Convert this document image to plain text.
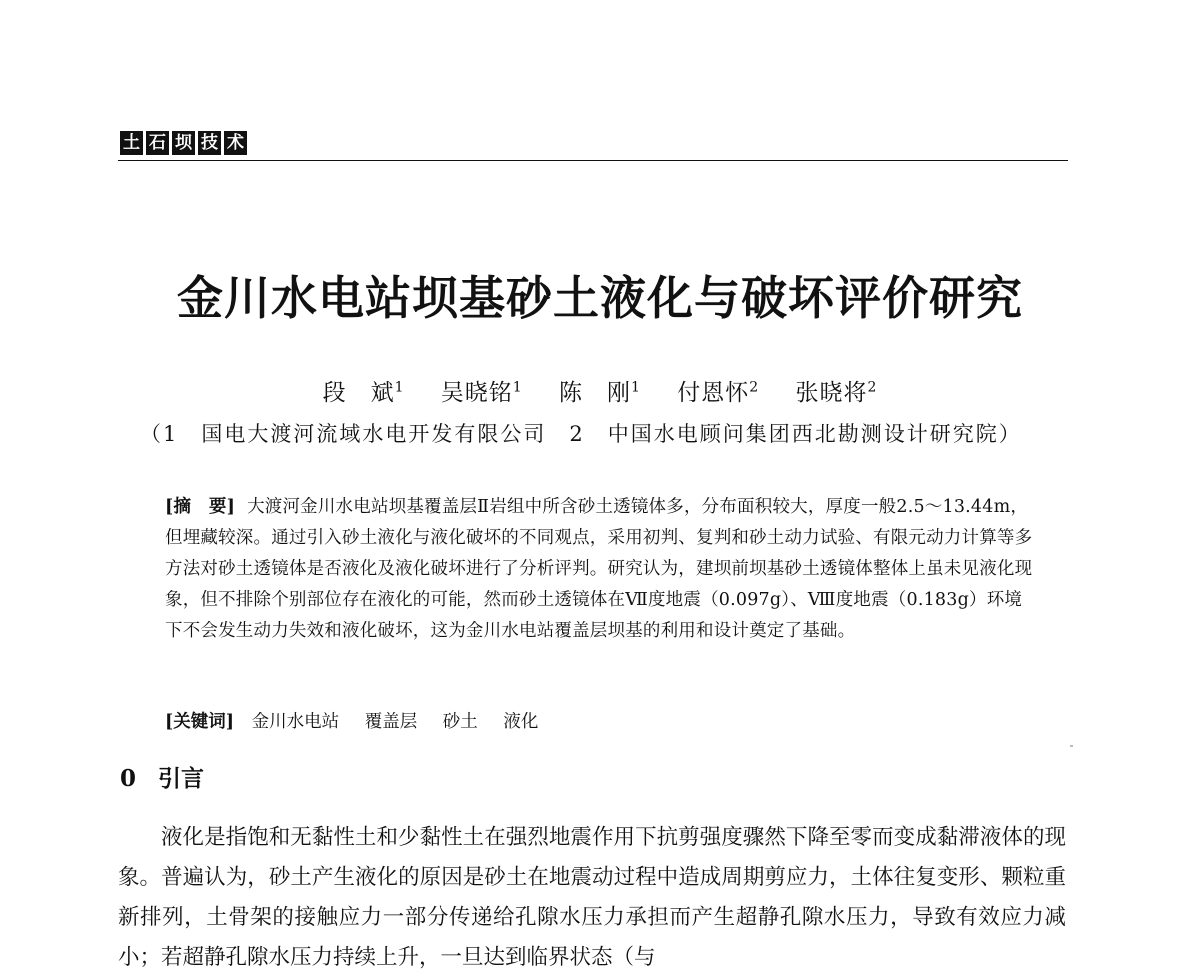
土 石 坝 技 术
金川水电站坝基砂土液化与破坏评价研究
段　斌$^1$ 吴晓铭$^1$ 陈　刚$^1$ 付恩怀$^2$ 张晓将$^2$
（1　国电大渡河流域水电开发有限公司　2　中国水电顾问集团西北勘测设计研究院）
[摘　要] 大渡河金川水电站坝基覆盖层Ⅱ岩组中所含砂土透镜体多，分布面积较大，厚度一般2.5～13.44m，但埋藏较深。通过引入砂土液化与液化破坏的不同观点，采用初判、复判和砂土动力试验、有限元动力计算等多方法对砂土透镜体是否液化及液化破坏进行了分析评判。研究认为，建坝前坝基砂土透镜体整体上虽未见液化现象，但不排除个别部位存在液化的可能，然而砂土透镜体在Ⅶ度地震（0.097g）、Ⅷ度地震（0.183g）环境下不会发生动力失效和液化破坏，这为金川水电站覆盖层坝基的利用和设计奠定了基础。
[关键词] 金川水电站 覆盖层 砂土 液化
0 引言

液化是指饱和无黏性土和少黏性土在强烈地震作用下抗剪强度骤然下降至零而变成黏滞液体的现象。普遍认为，砂土产生液化的原因是砂土在地震动过程中造成周期剪应力，土体往复变形、颗粒重新排列，土骨架的接触应力一部分传递给孔隙水压力承担而产生超静孔隙水压力，导致有效应力减小；若超静孔隙水压力持续上升，一旦达到临界状态（与
